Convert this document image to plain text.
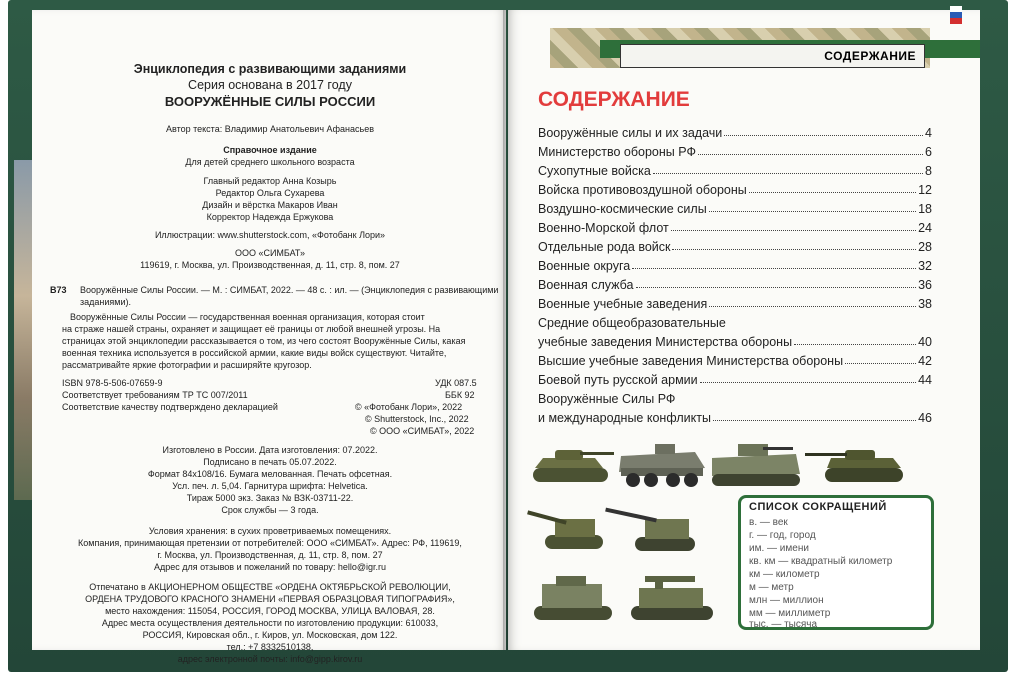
Энциклопедия с развивающими заданиями
Серия основана в 2017 году
ВООРУЖЁННЫЕ СИЛЫ РОССИИ
Автор текста: Владимир Анатольевич Афанасьев
Справочное издание
Для детей среднего школьного возраста
Главный редактор Анна Козырь
Редактор Ольга Сухарева
Дизайн и вёрстка Макаров Иван
Корректор Надежда Ержукова
Иллюстрации: www.shutterstock.com, «Фотобанк Лори»
ООО «СИМБАТ»
119619, г. Москва, ул. Производственная, д. 11, стр. 8, пом. 27
В73 Вооружённые Силы России. — М. : СИМБАТ, 2022. — 48 с. : ил. — (Энциклопедия с развивающими
заданиями).
Вооружённые Силы России — государственная военная организация, которая стоит
на страже нашей страны, охраняет и защищает её границы от любой внешней угрозы. На
страницах этой энциклопедии рассказывается о том, из чего состоят Вооружённые Силы, какая
военная техника используется в российской армии, какие виды войск существуют. Читайте,
рассматривайте яркие фотографии и расширяйте кругозор.
ISBN 978-5-506-07659-9	УДК 087.5
Соответствует требованиям ТР ТС 007/2011	ББК 92
Соответствие качеству подтверждено декларацией	© «Фотобанк Лори», 2022
© Shutterstock, Inc., 2022
© ООО «СИМБАТ», 2022
Изготовлено в России. Дата изготовления: 07.2022.
Подписано в печать 05.07.2022.
Формат 84х108/16. Бумага мелованная. Печать офсетная.
Усл. печ. л. 5,04. Гарнитура шрифта: Helvetica.
Тираж 5000 экз. Заказ № ВЗК-03711-22.
Срок службы — 3 года.
Условия хранения: в сухих проветриваемых помещениях.
Компания, принимающая претензии от потребителей: ООО «СИМБАТ». Адрес: РФ, 119619,
г. Москва, ул. Производственная, д. 11, стр. 8, пом. 27
Адрес для отзывов и пожеланий по товару: hello@igr.ru
Отпечатано в АКЦИОНЕРНОМ ОБЩЕСТВЕ «ОРДЕНА ОКТЯБРЬСКОЙ РЕВОЛЮЦИИ,
ОРДЕНА ТРУДОВОГО КРАСНОГО ЗНАМЕНИ «ПЕРВАЯ ОБРАЗЦОВАЯ ТИПОГРАФИЯ»,
место нахождения: 115054, РОССИЯ, ГОРОД МОСКВА, УЛИЦА ВАЛОВАЯ, 28.
Адрес места осуществления деятельности по изготовлению продукции: 610033,
РОССИЯ, Кировская обл., г. Киров, ул. Московская, дом 122.
тел.: +7 8332510138,
адрес электронной почты: info@gipp.kirov.ru
СОДЕРЖАНИЕ
СОДЕРЖАНИЕ
Вооружённые силы и их задачи	4
Министерство обороны РФ	6
Сухопутные войска	8
Войска противовоздушной обороны	12
Воздушно-космические силы	18
Военно-Морской флот	24
Отдельные рода войск	28
Военные округа	32
Военная служба	36
Военные учебные заведения	38
Средние общеобразовательные
учебные заведения Министерства обороны	40
Высшие учебные заведения Министерства обороны	42
Боевой путь русской армии	44
Вооружённые Силы РФ
и международные конфликты	46
СПИСОК СОКРАЩЕНИЙ
в. — век
г. — год, город
им. — имени
кв. км — квадратный километр
км — километр
м — метр
млн — миллион
мм — миллиметр
тыс. — тысяча
